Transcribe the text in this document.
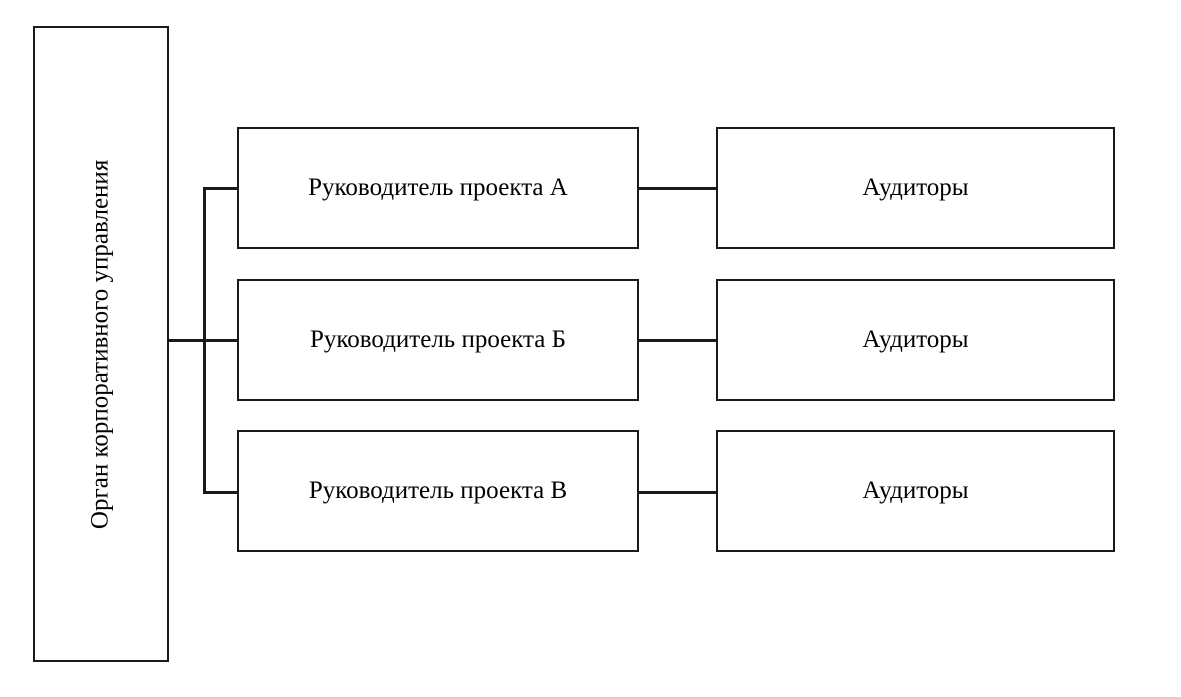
Орган корпоративного управления	Руководитель проекта А
Руководитель проекта Б
Руководитель проекта В
Аудиторы
Аудиторы
Аудиторы
